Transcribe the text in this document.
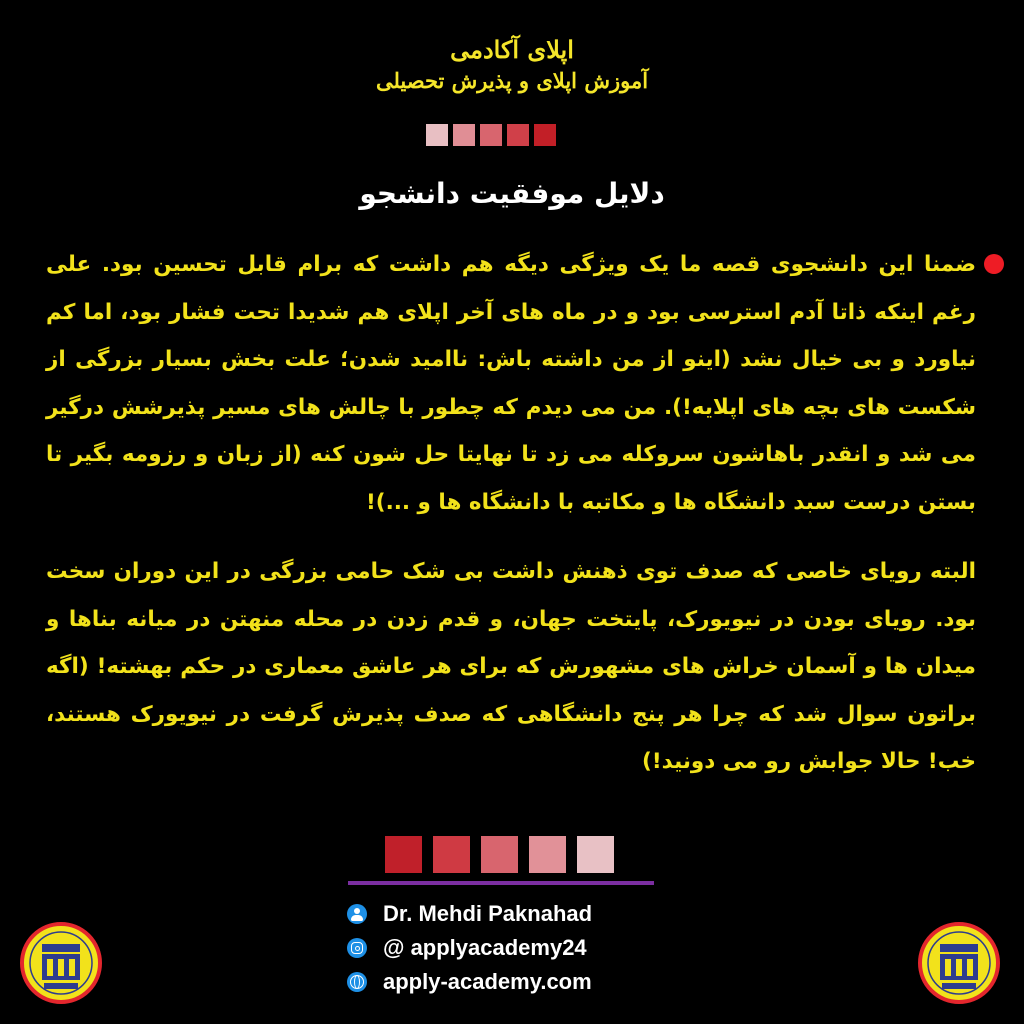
اپلای آکادمی
آموزش اپلای و پذیرش تحصیلی
دلایل موفقیت دانشجو

ضمنا این دانشجوی قصه ما یک ویژگی دیگه هم داشت که برام قابل تحسین بود. علی رغم اینکه ذاتا آدم استرسی بود و در ماه های آخر اپلای هم شدیدا تحت فشار بود، اما کم نیاورد و بی خیال نشد (اینو از من داشته باش: ناامید شدن؛ علت بخش بسیار بزرگی از شکست های بچه های اپلایه!). من می دیدم که چطور با چالش های مسیر پذیرشش درگیر می شد و انقدر باهاشون سروکله می زد تا نهایتا حل شون کنه (از زبان و رزومه بگیر تا بستن درست سبد دانشگاه ها و مکاتبه با دانشگاه ها و ...)!

البته رویای خاصی که صدف توی ذهنش داشت بی شک حامی بزرگی در این دوران سخت بود. رویای بودن در نیویورک، پایتخت جهان، و قدم زدن در محله منهتن در میانه بناها و میدان ها و آسمان خراش های مشهورش که برای هر عاشق معماری در حکم بهشته! (اگه براتون سوال شد که چرا هر پنج دانشگاهی که صدف پذیرش گرفت در نیویورک هستند، خب! حالا جوابش رو می دونید!)

Dr. Mehdi Paknahad
@ applyacademy24
apply-academy.com
